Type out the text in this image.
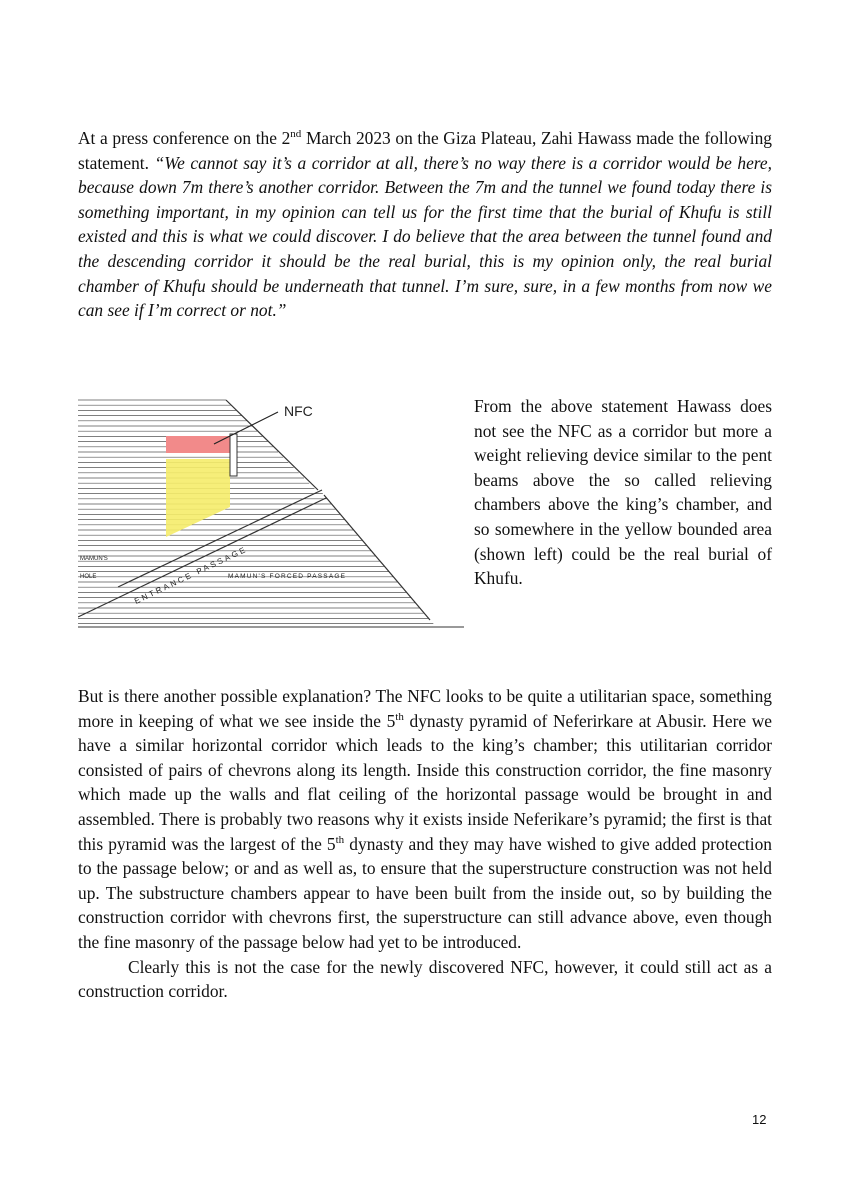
At a press conference on the 2nd March 2023 on the Giza Plateau, Zahi Hawass made the following statement. “We cannot say it’s a corridor at all, there’s no way there is a corridor would be here, because down 7m there’s another corridor. Between the 7m and the tunnel we found today there is something important, in my opinion can tell us for the first time that the burial of Khufu is still existed and this is what we could discover. I do believe that the area between the tunnel found and the descending corridor it should be the real burial, this is my opinion only, the real burial chamber of Khufu should be underneath that tunnel. I’m sure, sure, in a few months from now we can see if I’m correct or not.”

NFC
ENTRANCE PASSAGE
MAMUN'S FORCED PASSAGE
MAMUN'S
HOLE

From the above statement Hawass does not see the NFC as a corridor but more a weight relieving device similar to the pent beams above the so called relieving chambers above the king’s chamber, and so somewhere in the yellow bounded area (shown left) could be the real burial of Khufu.

But is there another possible explanation? The NFC looks to be quite a utilitarian space, something more in keeping of what we see inside the 5th dynasty pyramid of Neferirkare at Abusir. Here we have a similar horizontal corridor which leads to the king’s chamber; this utilitarian corridor consisted of pairs of chevrons along its length. Inside this construction corridor, the fine masonry which made up the walls and flat ceiling of the horizontal passage would be brought in and assembled. There is probably two reasons why it exists inside Neferikare’s pyramid; the first is that this pyramid was the largest of the 5th dynasty and they may have wished to give added protection to the passage below; or and as well as, to ensure that the superstructure construction was not held up. The substructure chambers appear to have been built from the inside out, so by building the construction corridor with chevrons first, the superstructure can still advance above, even though the fine masonry of the passage below had yet to be introduced.

Clearly this is not the case for the newly discovered NFC, however, it could still act as a construction corridor.

12
